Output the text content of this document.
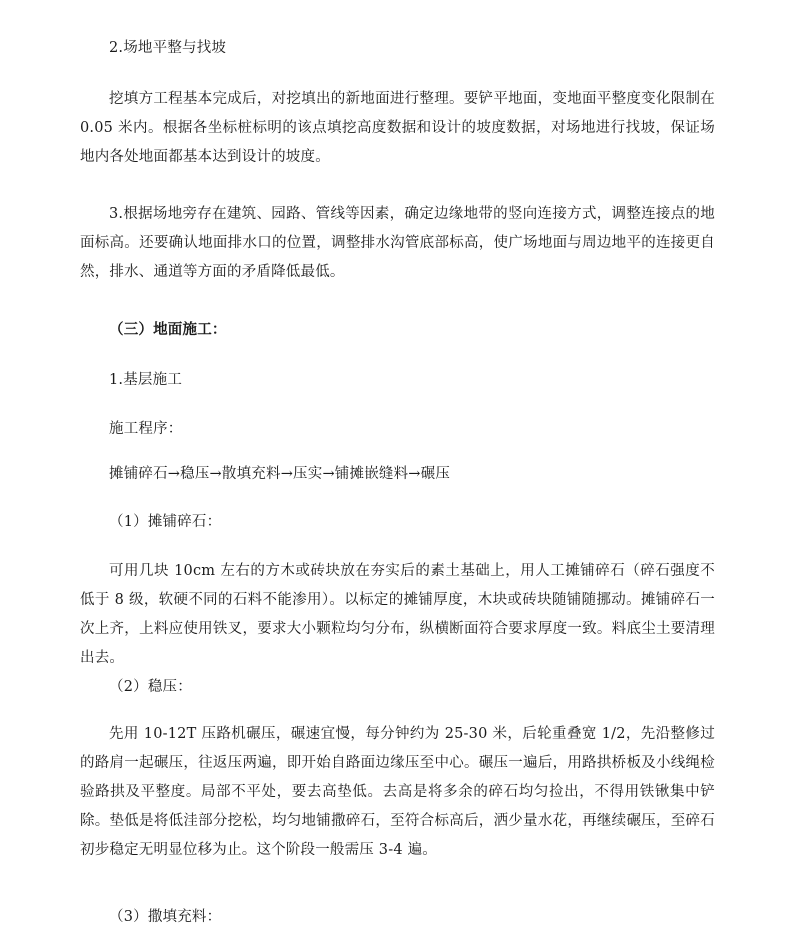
2.场地平整与找坡

挖填方工程基本完成后，对挖填出的新地面进行整理。要铲平地面，变地面平整度变化限制在 0.05 米内。根据各坐标桩标明的该点填挖高度数据和设计的坡度数据，对场地进行找坡，保证场地内各处地面都基本达到设计的坡度。

3.根据场地旁存在建筑、园路、管线等因素，确定边缘地带的竖向连接方式，调整连接点的地面标高。还要确认地面排水口的位置，调整排水沟管底部标高，使广场地面与周边地平的连接更自然，排水、通道等方面的矛盾降低最低。

（三）地面施工：

1.基层施工

施工程序：

摊铺碎石→稳压→散填充料→压实→铺摊嵌缝料→碾压

（1）摊铺碎石：

可用几块 10cm 左右的方木或砖块放在夯实后的素土基础上，用人工摊铺碎石（碎石强度不低于 8 级，软硬不同的石料不能渗用）。以标定的摊铺厚度，木块或砖块随铺随挪动。摊铺碎石一次上齐，上料应使用铁叉，要求大小颗粒均匀分布，纵横断面符合要求厚度一致。料底尘土要清理出去。

（2）稳压：

先用 10-12T 压路机碾压，碾速宜慢，每分钟约为 25-30 米，后轮重叠宽 1/2，先沿整修过的路肩一起碾压，往返压两遍，即开始自路面边缘压至中心。碾压一遍后，用路拱桥板及小线绳检验路拱及平整度。局部不平处，要去高垫低。去高是将多余的碎石均匀捡出，不得用铁锹集中铲除。垫低是将低洼部分挖松，均匀地铺撒碎石，至符合标高后，洒少量水花，再继续碾压，至碎石初步稳定无明显位移为止。这个阶段一般需压 3-4 遍。

（3）撒填充料：
